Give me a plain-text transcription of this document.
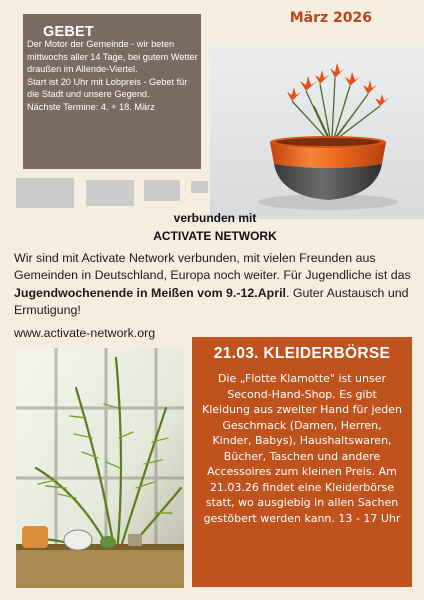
GEBET
Der Motor der Gemeinde - wir beten mittwochs aller 14 Tage, bei gutem Wetter draußen im Allende-Viertel.
Start ist 20 Uhr mit Lobpreis - Gebet für die Stadt und unsere Gegend.
Nächste Termine: 4. + 18. März
März 2026
verbunden mit
ACTIVATE NETWORK
Wir sind mit Activate Network verbunden, mit vielen Freunden aus Gemeinden in Deutschland, Europa noch weiter. Für Jugendliche ist das Jugendwochenende in Meißen vom 9.-12.April. Guter Austausch und Ermutigung!
www.activate-network.org
21.03. KLEIDERBÖRSE
Die „Flotte Klamotte" ist unser Second-Hand-Shop. Es gibt Kleidung aus zweiter Hand für jeden Geschmack (Damen, Herren, Kinder, Babys), Haushaltswaren, Bücher, Taschen und andere Accessoires zum kleinen Preis. Am 21.03.26 findet eine Kleiderbörse statt, wo ausgiebig in allen Sachen gestöbert werden kann. 13 - 17 Uhr
